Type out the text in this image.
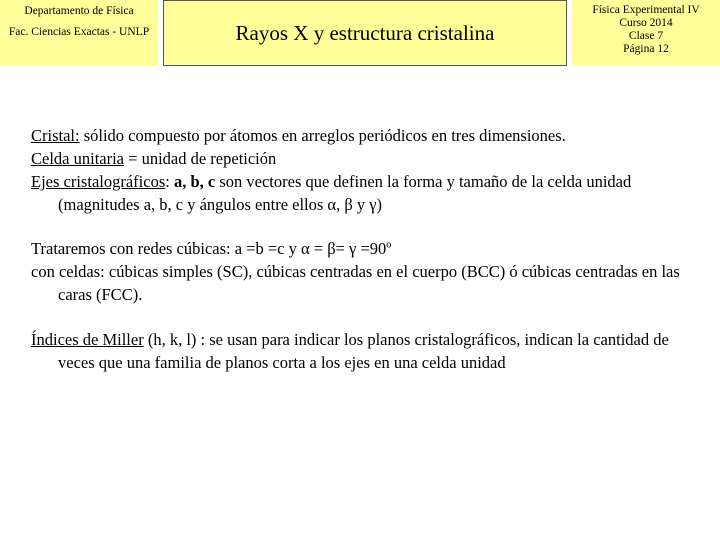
Departamento de Física
Fac. Ciencias Exactas - UNLP	Rayos X y estructura cristalina
Física Experimental IV
Curso 2014
Clase 7
Página 12

Cristal: sólido compuesto por átomos en arreglos periódicos en tres dimensiones.

Celda unitaria = unidad de repetición

Ejes cristalográficos: a, b, c son vectores que definen la forma y tamaño de la celda unidad (magnitudes a, b, c y ángulos entre ellos α, β y γ)

Trataremos con redes cúbicas: a =b =c y α = β= γ =90º

con celdas: cúbicas simples (SC), cúbicas centradas en el cuerpo (BCC) ó cúbicas centradas en las caras (FCC).

Índices de Miller (h, k, l) : se usan para indicar los planos cristalográficos, indican la cantidad de veces que una familia de planos corta a los ejes en una celda unidad
